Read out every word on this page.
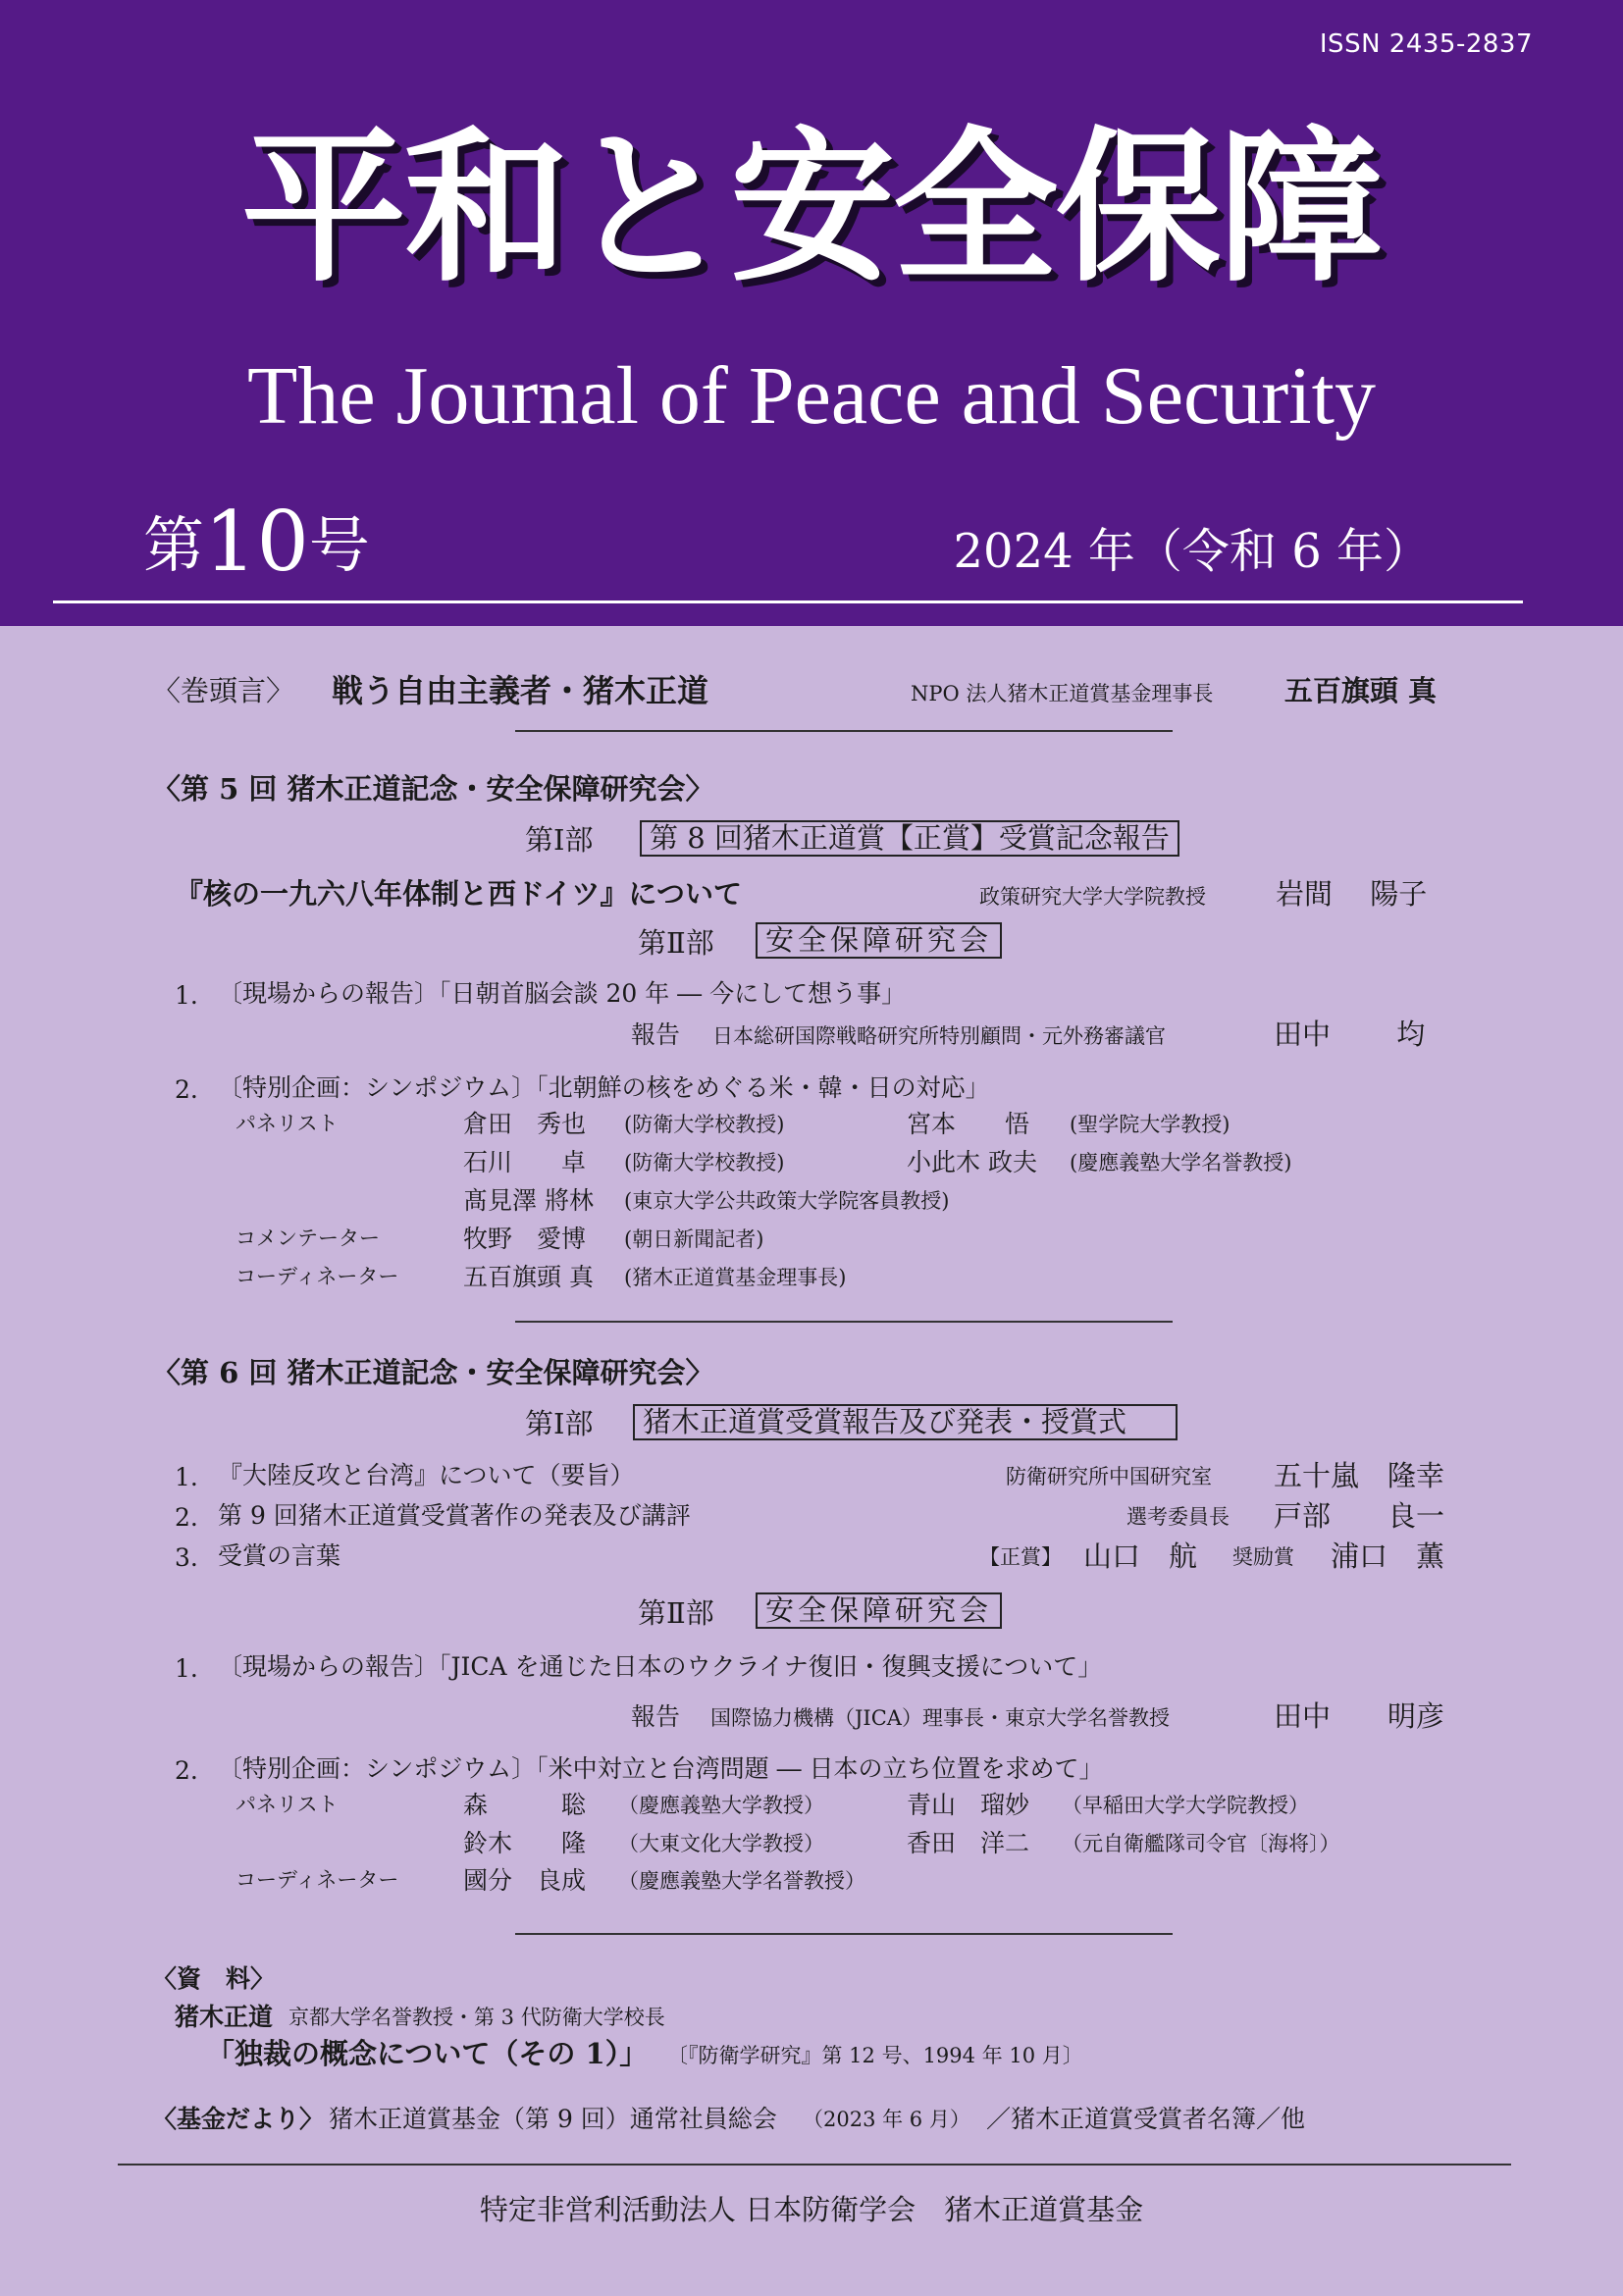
ISSN 2435-2837
平和と安全保障
The Journal of Peace and Security
第10号	2024 年（令和 6 年）
〈巻頭言〉 戦う自由主義者・猪木正道	NPO 法人猪木正道賞基金理事長 五百旗頭 真
〈第 5 回 猪木正道記念・安全保障研究会〉
第Ⅰ部	第 8 回猪木正道賞【正賞】受賞記念報告
『核の一九六八年体制と西ドイツ』について	政策研究大学大学院教授 岩間　 陽子
第Ⅱ部	安全保障研究会
1. 〔現場からの報告〕「日朝首脳会談 20 年 ― 今にして想う事」
報告 日本総研国際戦略研究所特別顧問・元外務審議官	田中　　 均
2. 〔特別企画：シンポジウム〕「北朝鮮の核をめぐる米・韓・日の対応」
パネリスト	倉田　秀也 (防衛大学校教授)	宮本　　悟 (聖学院大学教授)
石川　　卓 (防衛大学校教授)	小此木 政夫 (慶應義塾大学名誉教授)
髙見澤 將林 (東京大学公共政策大学院客員教授)
コメンテーター	牧野　愛博 (朝日新聞記者)
コーディネーター	五百旗頭 真 (猪木正道賞基金理事長)
〈第 6 回 猪木正道記念・安全保障研究会〉
第Ⅰ部	猪木正道賞受賞報告及び発表・授賞式
1. 『大陸反攻と台湾』について（要旨）	防衛研究所中国研究室 五十嵐　隆幸
2. 第 9 回猪木正道賞受賞著作の発表及び講評	選考委員長 戸部　　良一
3. 受賞の言葉	【正賞】 山口　航 奨励賞 浦口　薫
第Ⅱ部	安全保障研究会
1. 〔現場からの報告〕「JICA を通じた日本のウクライナ復旧・復興支援について」
報告 国際協力機構（JICA）理事長・東京大学名誉教授	田中　　明彦
2. 〔特別企画：シンポジウム〕「米中対立と台湾問題 ― 日本の立ち位置を求めて」
パネリスト	森　　　聡 （慶應義塾大学教授）	青山　瑠妙 （早稲田大学大学院教授）
鈴木　　隆 （大東文化大学教授）	香田　洋二 （元自衛艦隊司令官〔海将〕）
コーディネーター	國分　良成 （慶應義塾大学名誉教授）
〈資　料〉
猪木正道 京都大学名誉教授・第 3 代防衛大学校長
「独裁の概念について（その 1）」 〔『防衛学研究』第 12 号、1994 年 10 月〕
〈基金だより〉 猪木正道賞基金（第 9 回）通常社員総会 （2023 年 6 月） ／猪木正道賞受賞者名簿／他
特定非営利活動法人 日本防衛学会　猪木正道賞基金
